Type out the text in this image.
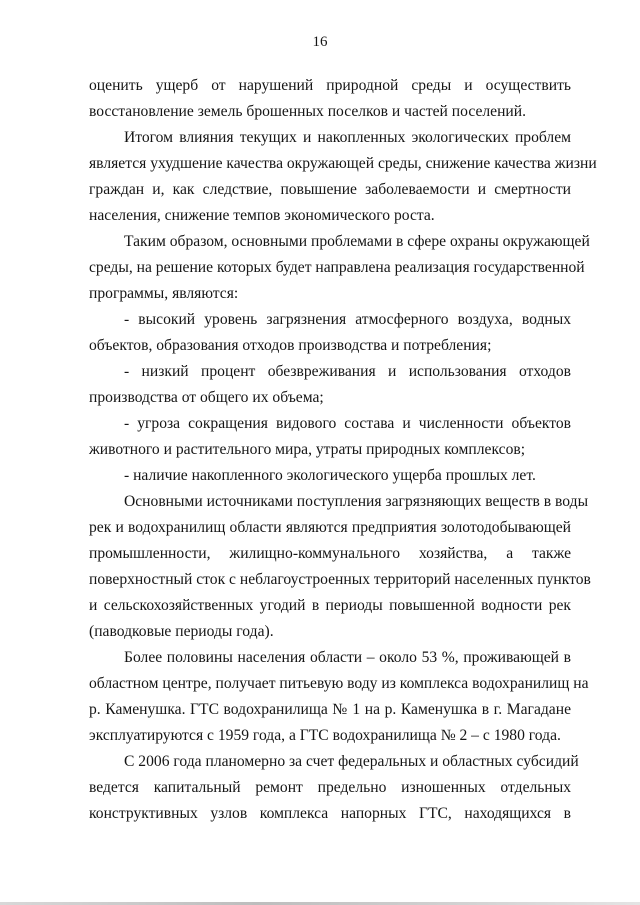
16
оценить ущерб от нарушений природной среды и осуществить
восстановление земель брошенных поселков и частей поселений.
Итогом влияния текущих и накопленных экологических проблем
является ухудшение качества окружающей среды, снижение качества жизни
граждан и, как следствие, повышение заболеваемости и смертности
населения, снижение темпов экономического роста.
Таким образом, основными проблемами в сфере охраны окружающей
среды, на решение которых будет направлена реализация государственной
программы, являются:
- высокий уровень загрязнения атмосферного воздуха, водных
объектов, образования отходов производства и потребления;
- низкий процент обезвреживания и использования отходов
производства от общего их объема;
- угроза сокращения видового состава и численности объектов
животного и растительного мира, утраты природных комплексов;
- наличие накопленного экологического ущерба прошлых лет.
Основными источниками поступления загрязняющих веществ в воды
рек и водохранилищ области являются предприятия золотодобывающей
промышленности, жилищно-коммунального хозяйства, а также
поверхностный сток с неблагоустроенных территорий населенных пунктов
и сельскохозяйственных угодий в периоды повышенной водности рек
(паводковые периоды года).
Более половины населения области – около 53 %, проживающей в
областном центре, получает питьевую воду из комплекса водохранилищ на
р. Каменушка. ГТС водохранилища № 1 на р. Каменушка в г. Магадане
эксплуатируются с 1959 года, а ГТС водохранилища № 2 – с 1980 года.
С 2006 года планомерно за счет федеральных и областных субсидий
ведется капитальный ремонт предельно изношенных отдельных
конструктивных узлов комплекса напорных ГТС, находящихся в
